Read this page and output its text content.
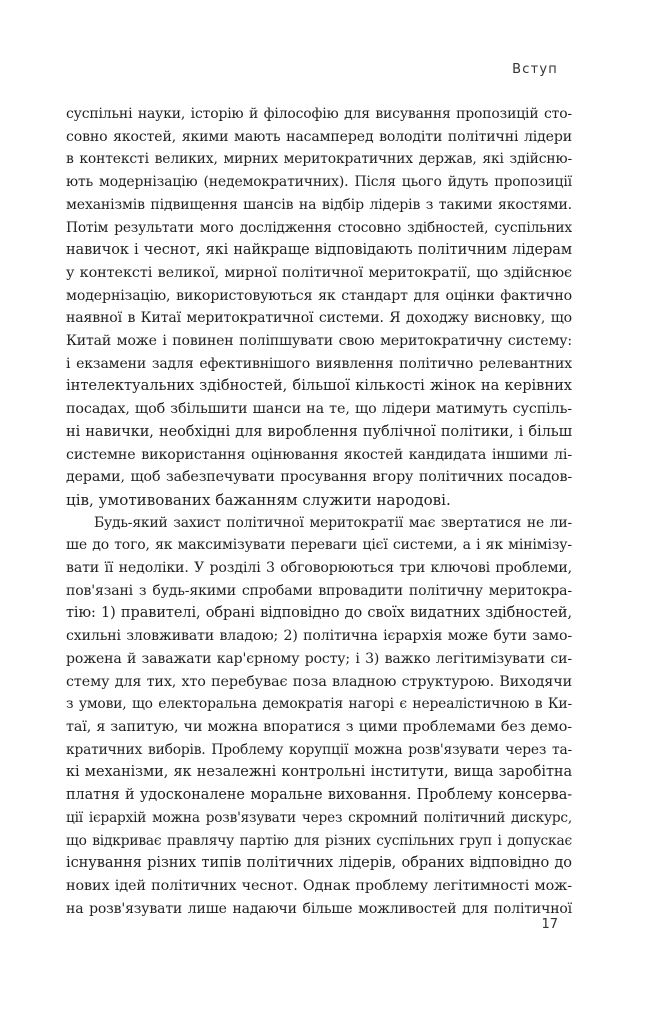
Вступ
суспільні науки, історію й філософію для висування пропозицій сто-
совно якостей, якими мають насамперед володіти політичні лідери
в контексті великих, мирних меритократичних держав, які здійсню-
ють модернізацію (недемократичних). Після цього йдуть пропозиції
механізмів підвищення шансів на відбір лідерів з такими якостями.
Потім результати мого дослідження стосовно здібностей, суспільних
навичок і чеснот, які найкраще відповідають політичним лідерам
у контексті великої, мирної політичної меритократії, що здійснює
модернізацію, використовуються як стандарт для оцінки фактично
наявної в Китаї меритократичної системи. Я доходжу висновку, що
Китай може і повинен поліпшувати свою меритократичну систему:
і екзамени задля ефективнішого виявлення політично релевантних
інтелектуальних здібностей, більшої кількості жінок на керівних
посадах, щоб збільшити шанси на те, що лідери матимуть суспіль-
ні навички, необхідні для вироблення публічної політики, і більш
системне використання оцінювання якостей кандидата іншими лі-
дерами, щоб забезпечувати просування вгору політичних посадов-
ців, умотивованих бажанням служити народові.
Будь-який захист політичної меритократії має звертатися не ли-
ше до того, як максимізувати переваги цієї системи, а і як мінімізу-
вати її недоліки. У розділі 3 обговорюються три ключові проблеми,
пов'язані з будь-якими спробами впровадити політичну меритокра-
тію: 1) правителі, обрані відповідно до своїх видатних здібностей,
схильні зловживати владою; 2) політична ієрархія може бути замо-
рожена й заважати кар'єрному росту; і 3) важко легітимізувати си-
стему для тих, хто перебуває поза владною структурою. Виходячи
з умови, що електоральна демократія нагорі є нереалістичною в Ки-
таї, я запитую, чи можна впоратися з цими проблемами без демо-
кратичних виборів. Проблему корупції можна розв'язувати через та-
кі механізми, як незалежні контрольні інститути, вища заробітна
платня й удосконалене моральне виховання. Проблему консерва-
ції ієрархій можна розв'язувати через скромний політичний дискурс,
що відкриває правлячу партію для різних суспільних груп і допускає
існування різних типів політичних лідерів, обраних відповідно до
нових ідей політичних чеснот. Однак проблему легітимності мож-
на розв'язувати лише надаючи більше можливостей для політичної
17
